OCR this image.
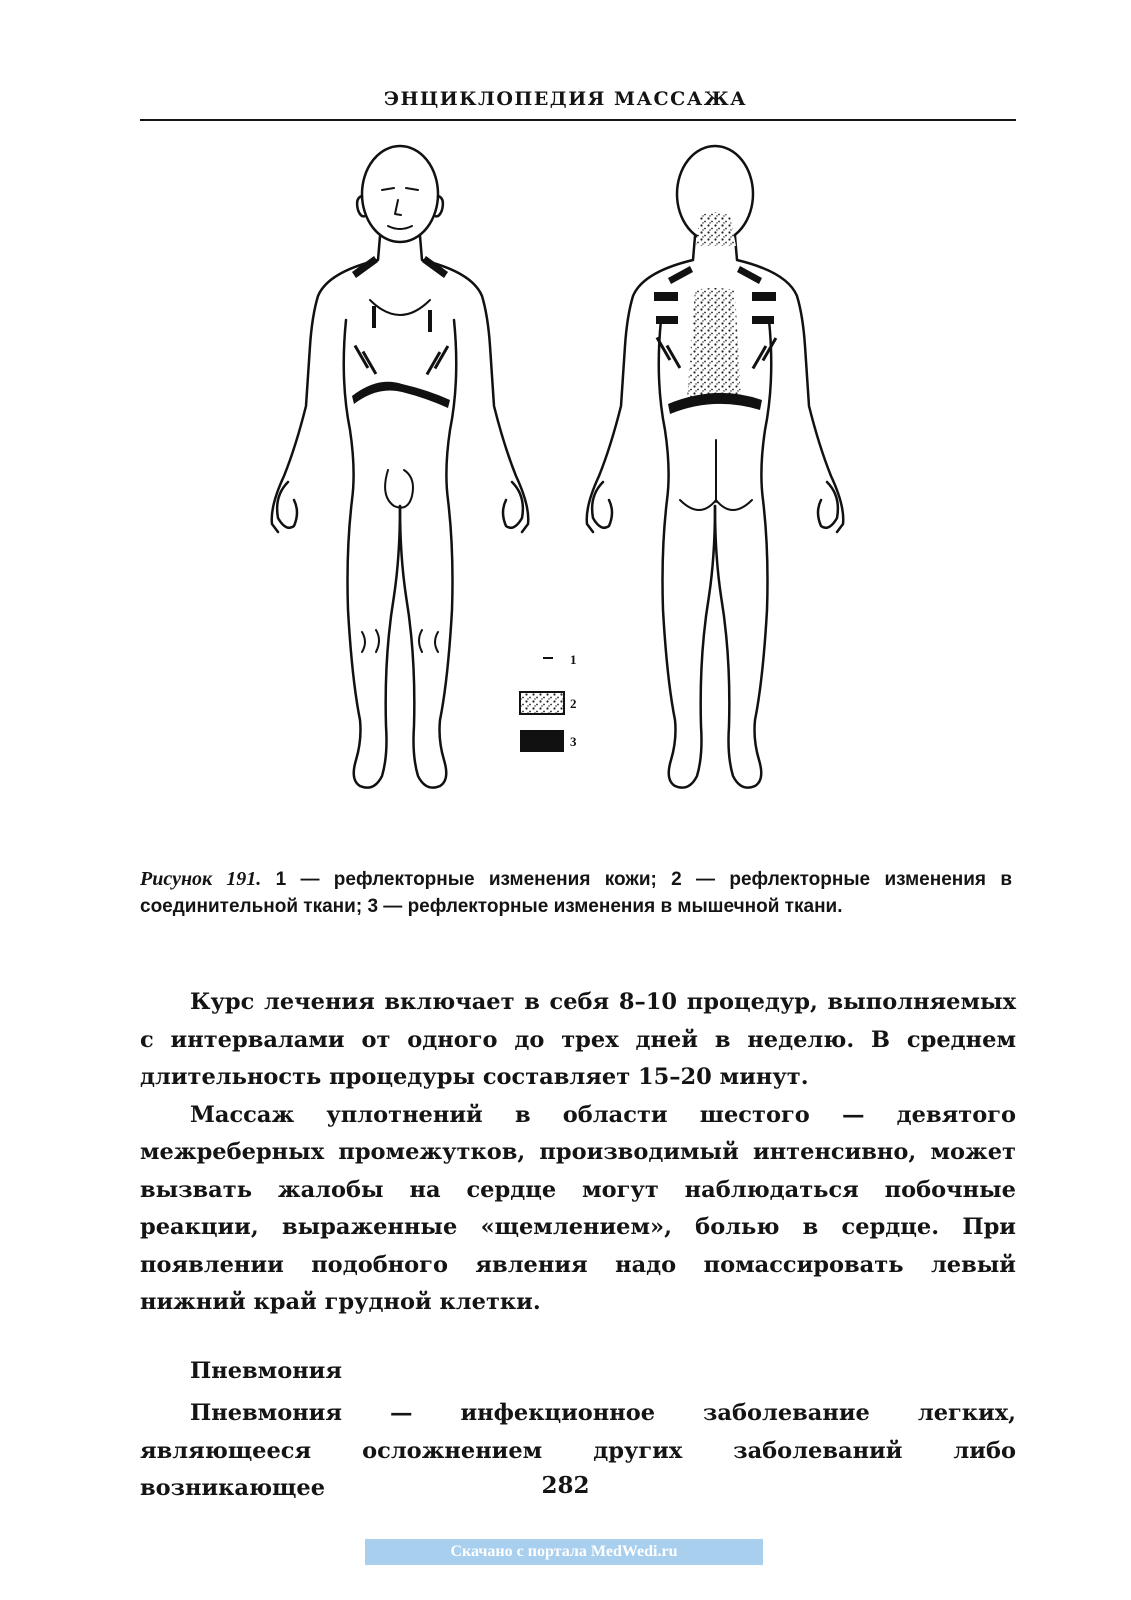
ЭНЦИКЛОПЕДИЯ МАССАЖА
1
2
3
Рисунок 191. 1 — рефлекторные изменения кожи; 2 — рефлекторные изменения в соединительной ткани; 3 — рефлекторные изменения в мышечной ткани.

Курс лечения включает в себя 8–10 процедур, выполняемых с интервалами от одного до трех дней в неделю. В среднем длительность процедуры составляет 15–20 минут.

Массаж уплотнений в области шестого — девятого межреберных промежутков, производимый интенсивно, может вызвать жалобы на сердце могут наблюдаться побочные реакции, выраженные «щемлением», болью в сердце. При появлении подобного явления надо помассировать левый нижний край грудной клетки.

Пневмония

Пневмония — инфекционное заболевание легких, являющееся осложнением других заболеваний либо возникающее	282
Скачано с портала MedWedi.ru
